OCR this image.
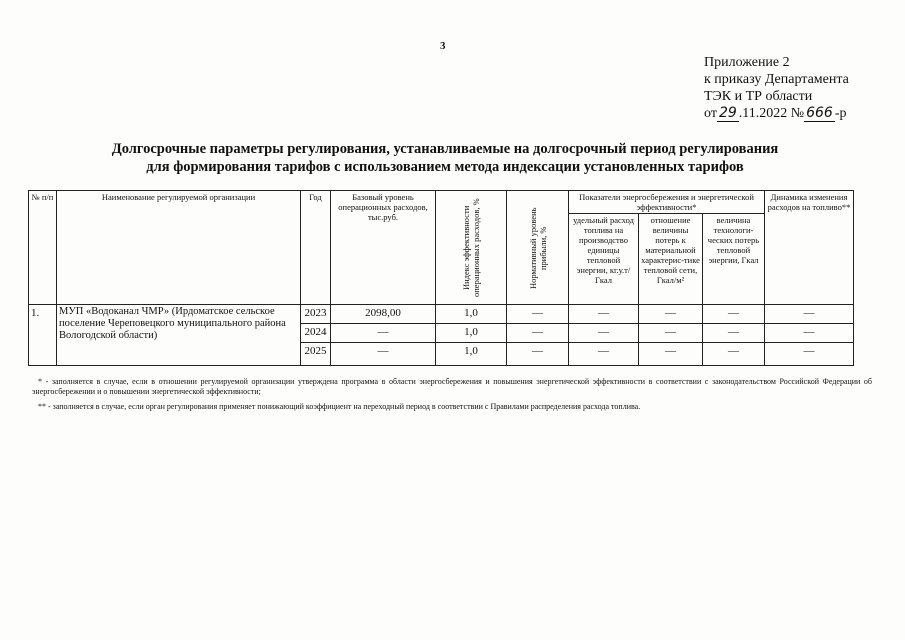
3
Приложение 2
к приказу Департамента
ТЭК и ТР области
от 29 .11.2022 № 666 -р
Долгосрочные параметры регулирования, устанавливаемые на долгосрочный период регулирования
для формирования тарифов с использованием метода индексации установленных тарифов
№ п/п	Наименование регулируемой организации	Год	Базовый уровень операционных расходов, тыс.руб.	Индекс эффективности операционных расходов, %	Нормативный уровень прибыли, %	Показатели энергосбережения и энергетической эффективности*			Динамика изменения расходов на топливо**
						удельный расход топлива на производство единицы тепловой энергии, кг.у.т/Гкал	отношение величины потерь к материальной характерис-тике тепловой сети, Гкал/м²	величина технологи-ческих потерь тепловой энергии, Гкал	
1.	МУП «Водоканал ЧМР» (Ирдоматское сельское поселение Череповецкого муниципального района Вологодской области)	2023	2098,00	1,0	—	—	—	—	—
		2024	—	1,0	—	—	—	—	—
		2025	—	1,0	—	—	—	—	—
* - заполняется в случае, если в отношении регулируемой организации утверждена программа в области энергосбережения и повышения энергетической эффективности в соответствии с законодательством Российской Федерации об энергосбережении и о повышении энергетической эффективности;
** - заполняется в случае, если орган регулирования применяет понижающий коэффициент на переходный период в соответствии с Правилами распределения расхода топлива.
